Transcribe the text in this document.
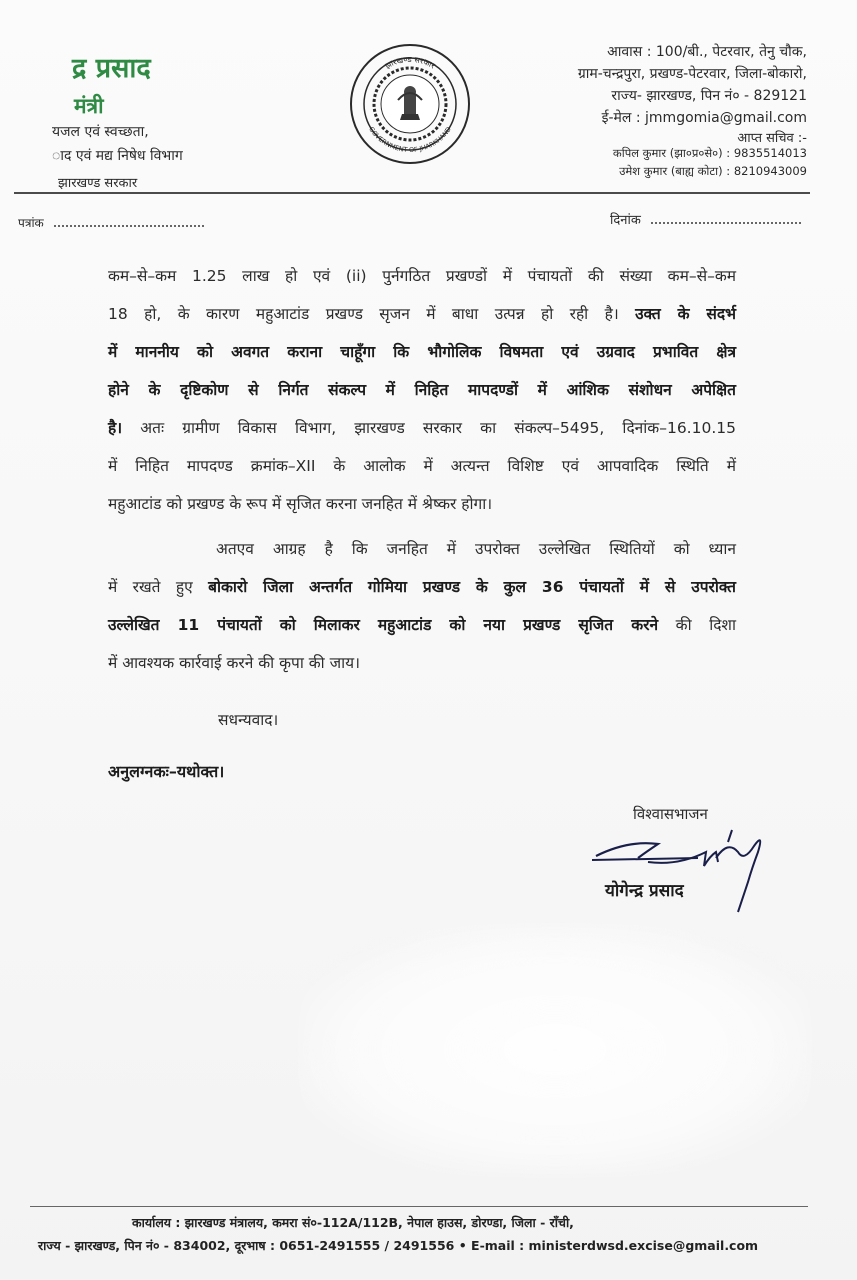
द्र प्रसाद
मंत्री
यजल एवं स्वच्छता,
ाद एवं मद्य निषेध विभाग
झारखण्ड सरकार
झारखण्ड सरकार
GOVERNMENT OF JHARKHAND
आवास : 100/बी., पेटरवार, तेनु चौक,
ग्राम-चन्द्रपुरा, प्रखण्ड-पेटरवार, जिला-बोकारो,
राज्य- झारखण्ड, पिन नं० - 829121
ई-मेल : jmmgomia@gmail.com
आप्त सचिव :-
कपिल कुमार (झा०प्र०से०) : 9835514013
उमेश कुमार (बाह्य कोटा) : 8210943009
पत्रांक	दिनांक
कम–से–कम 1.25 लाख हो एवं (ii) पुर्नगठित प्रखण्डों में पंचायतों की संख्या कम–से–कम
18 हो, के कारण महुआटांड प्रखण्ड सृजन में बाधा उत्पन्न हो रही है। उक्त के संदर्भ
में माननीय को अवगत कराना चाहूँगा कि भौगोलिक विषमता एवं उग्रवाद प्रभावित क्षेत्र
होने के दृष्टिकोण से निर्गत संकल्प में निहित मापदण्डों में आंशिक संशोधन अपेक्षित
है। अतः ग्रामीण विकास विभाग, झारखण्ड सरकार का संकल्प–5495, दिनांक–16.10.15
में निहित मापदण्ड क्रमांक–XII के आलोक में अत्यन्त विशिष्ट एवं आपवादिक स्थिति में
महुआटांड को प्रखण्ड के रूप में सृजित करना जनहित में श्रेष्कर होगा।
अतएव आग्रह है कि जनहित में उपरोक्त उल्लेखित स्थितियों को ध्यान
में रखते हुए बोकारो जिला अन्तर्गत गोमिया प्रखण्ड के कुल 36 पंचायतों में से उपरोक्त
उल्लेखित 11 पंचायतों को मिलाकर महुआटांड को नया प्रखण्ड सृजित करने की दिशा
में आवश्यक कार्रवाई करने की कृपा की जाय।
सधन्यवाद।
अनुलग्नकः–यथोक्त।
विश्वासभाजन
योगेन्द्र प्रसाद
कार्यालय : झारखण्ड मंत्रालय, कमरा सं०-112A/112B, नेपाल हाउस, डोरण्डा, जिला - राँची,
राज्य - झारखण्ड, पिन नं० - 834002, दूरभाष : 0651-2491555 / 2491556 • E-mail : ministerdwsd.excise@gmail.com
